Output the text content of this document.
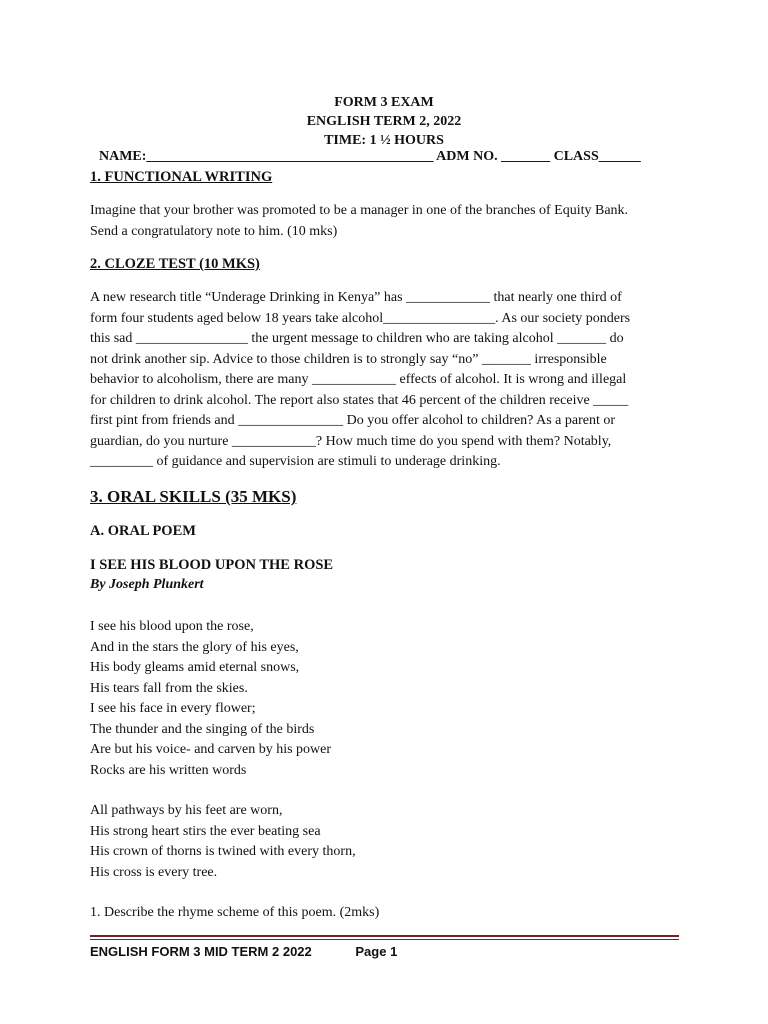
FORM 3 EXAM
ENGLISH TERM 2, 2022
TIME: 1 ½ HOURS
NAME:_________________________________________ ADM NO. _______ CLASS______
1. FUNCTIONAL WRITING
Imagine that your brother was promoted to be a manager in one of the branches of Equity Bank.
Send a congratulatory note to him. (10 mks)
2. CLOZE TEST (10 MKS)
A new research title “Underage Drinking in Kenya” has ____________ that nearly one third of
form four students aged below 18 years take alcohol________________. As our society ponders
this sad ________________ the urgent message to children who are taking alcohol _______ do
not drink another sip. Advice to those children is to strongly say “no” _______ irresponsible
behavior to alcoholism, there are many ____________ effects of alcohol. It is wrong and illegal
for children to drink alcohol. The report also states that 46 percent of the children receive _____
first pint from friends and _______________ Do you offer alcohol to children? As a parent or
guardian, do you nurture ____________? How much time do you spend with them? Notably,
_________ of guidance and supervision are stimuli to underage drinking.
3. ORAL SKILLS (35 MKS)
A. ORAL POEM
I SEE HIS BLOOD UPON THE ROSE
By Joseph Plunkert
I see his blood upon the rose,
And in the stars the glory of his eyes,
His body gleams amid eternal snows,
His tears fall from the skies.
I see his face in every flower;
The thunder and the singing of the birds
Are but his voice- and carven by his power
Rocks are his written words
All pathways by his feet are worn,
His strong heart stirs the ever beating sea
His crown of thorns is twined with every thorn,
His cross is every tree.
1. Describe the rhyme scheme of this poem. (2mks)
ENGLISH FORM 3 MID TERM 2 2022	Page 1
